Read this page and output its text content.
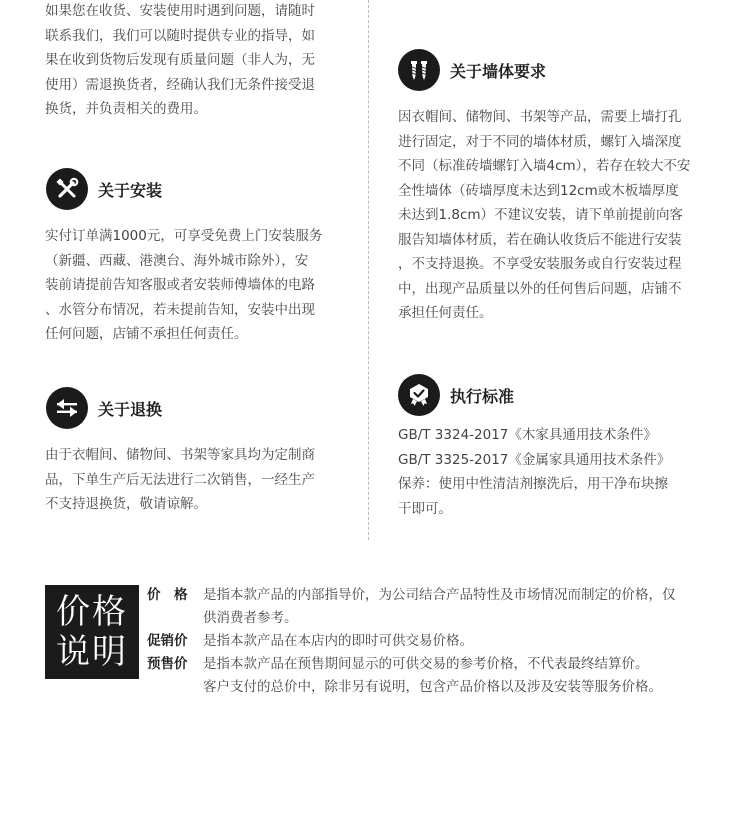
如果您在收货、安装使用时遇到问题，请随时

联系我们，我们可以随时提供专业的指导，如

果在收到货物后发现有质量问题（非人为，无

使用）需退换货者，经确认我们无条件接受退

换货，并负责相关的费用。

关于安装

实付订单满1000元，可享受免费上门安装服务

（新疆、西藏、港澳台、海外城市除外），安

装前请提前告知客服或者安装师傅墙体的电路

、水管分布情况，若未提前告知，安装中出现

任何问题，店铺不承担任何责任。

关于退换

由于衣帽间、储物间、书架等家具均为定制商

品，下单生产后无法进行二次销售，一经生产

不支持退换货，敬请谅解。

关于墙体要求

因衣帽间、储物间、书架等产品，需要上墙打孔

进行固定，对于不同的墙体材质，螺钉入墙深度

不同（标准砖墙螺钉入墙4cm），若存在较大不安

全性墙体（砖墙厚度未达到12cm或木板墙厚度

未达到1.8cm）不建议安装，请下单前提前向客

服告知墙体材质，若在确认收货后不能进行安装

，不支持退换。不享受安装服务或自行安装过程

中，出现产品质量以外的任何售后问题，店铺不

承担任何责任。

执行标准

GB/T 3324-2017《木家具通用技术条件》

GB/T 3325-2017《金属家具通用技术条件》

保养：使用中性清洁剂擦洗后，用干净布块擦

干即可。

价格
说明
价　格	是指本款产品的内部指导价，为公司结合产品特性及市场情况而制定的价格，仅

供消费者参考。

促销价	是指本款产品在本店内的即时可供交易价格。

预售价	是指本款产品在预售期间显示的可供交易的参考价格，不代表最终结算价。

客户支付的总价中，除非另有说明，包含产品价格以及涉及安装等服务价格。
